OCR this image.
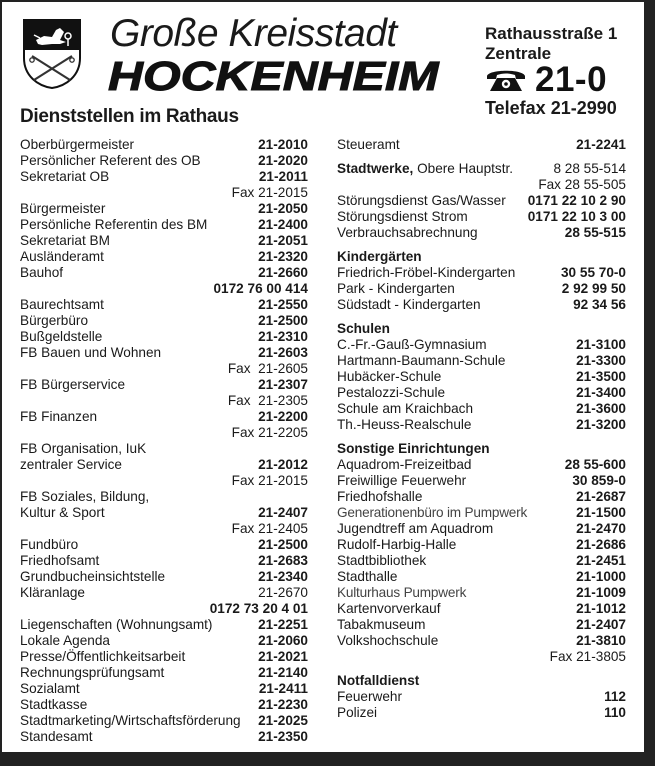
Große Kreisstadt
HOCKENHEIM
Dienststellen im Rathaus
Rathausstraße 1
Zentrale
21-0
Telefax 21-2990
Oberbürgermeister	21-2010
Persönlicher Referent des OB	21-2020
Sekretariat OB	21-2011
Fax 21-2015
Bürgermeister	21-2050
Persönliche Referentin des BM	21-2400
Sekretariat BM	21-2051
Ausländeramt	21-2320
Bauhof	21-2660
0172 76 00 414
Baurechtsamt	21-2550
Bürgerbüro	21-2500
Bußgeldstelle	21-2310
FB Bauen und Wohnen	21-2603
Fax 21-2605
FB Bürgerservice	21-2307
Fax 21-2305
FB Finanzen	21-2200
Fax 21-2205
FB Organisation, IuK
zentraler Service	21-2012
Fax 21-2015
FB Soziales, Bildung,
Kultur & Sport	21-2407
Fax 21-2405
Fundbüro	21-2500
Friedhofsamt	21-2683
Grundbucheinsichtstelle	21-2340
Kläranlage	21-2670
0172 73 20 4 01
Liegenschaften (Wohnungsamt)	21-2251
Lokale Agenda	21-2060
Presse/Öffentlichkeitsarbeit	21-2021
Rechnungsprüfungsamt	21-2140
Sozialamt	21-2411
Stadtkasse	21-2230
Stadtmarketing/Wirtschaftsförderung 21-2025
Standesamt	21-2350
Steueramt	21-2241
Stadtwerke, Obere Hauptstr.	8 28 55-514
Fax 28 55-505
Störungsdienst Gas/Wasser 0171 22 10 2 90
Störungsdienst Strom	0171 22 10 3 00
Verbrauchsabrechnung	28 55-515
Kindergärten
Friedrich-Fröbel-Kindergarten	30 55 70-0
Park - Kindergarten	2 92 99 50
Südstadt - Kindergarten	92 34 56
Schulen
C.-Fr.-Gauß-Gymnasium	21-3100
Hartmann-Baumann-Schule	21-3300
Hubäcker-Schule	21-3500
Pestalozzi-Schule	21-3400
Schule am Kraichbach	21-3600
Th.-Heuss-Realschule	21-3200
Sonstige Einrichtungen
Aquadrom-Freizeitbad	28 55-600
Freiwillige Feuerwehr	30 859-0
Friedhofshalle	21-2687
Generationenbüro im Pumpwerk	21-1500
Jugendtreff am Aquadrom	21-2470
Rudolf-Harbig-Halle	21-2686
Stadtbibliothek	21-2451
Stadthalle	21-1000
Kulturhaus Pumpwerk	21-1009
Kartenvorverkauf	21-1012
Tabakmuseum	21-2407
Volkshochschule	21-3810
Fax 21-3805
Notfalldienst
Feuerwehr	112
Polizei	110
